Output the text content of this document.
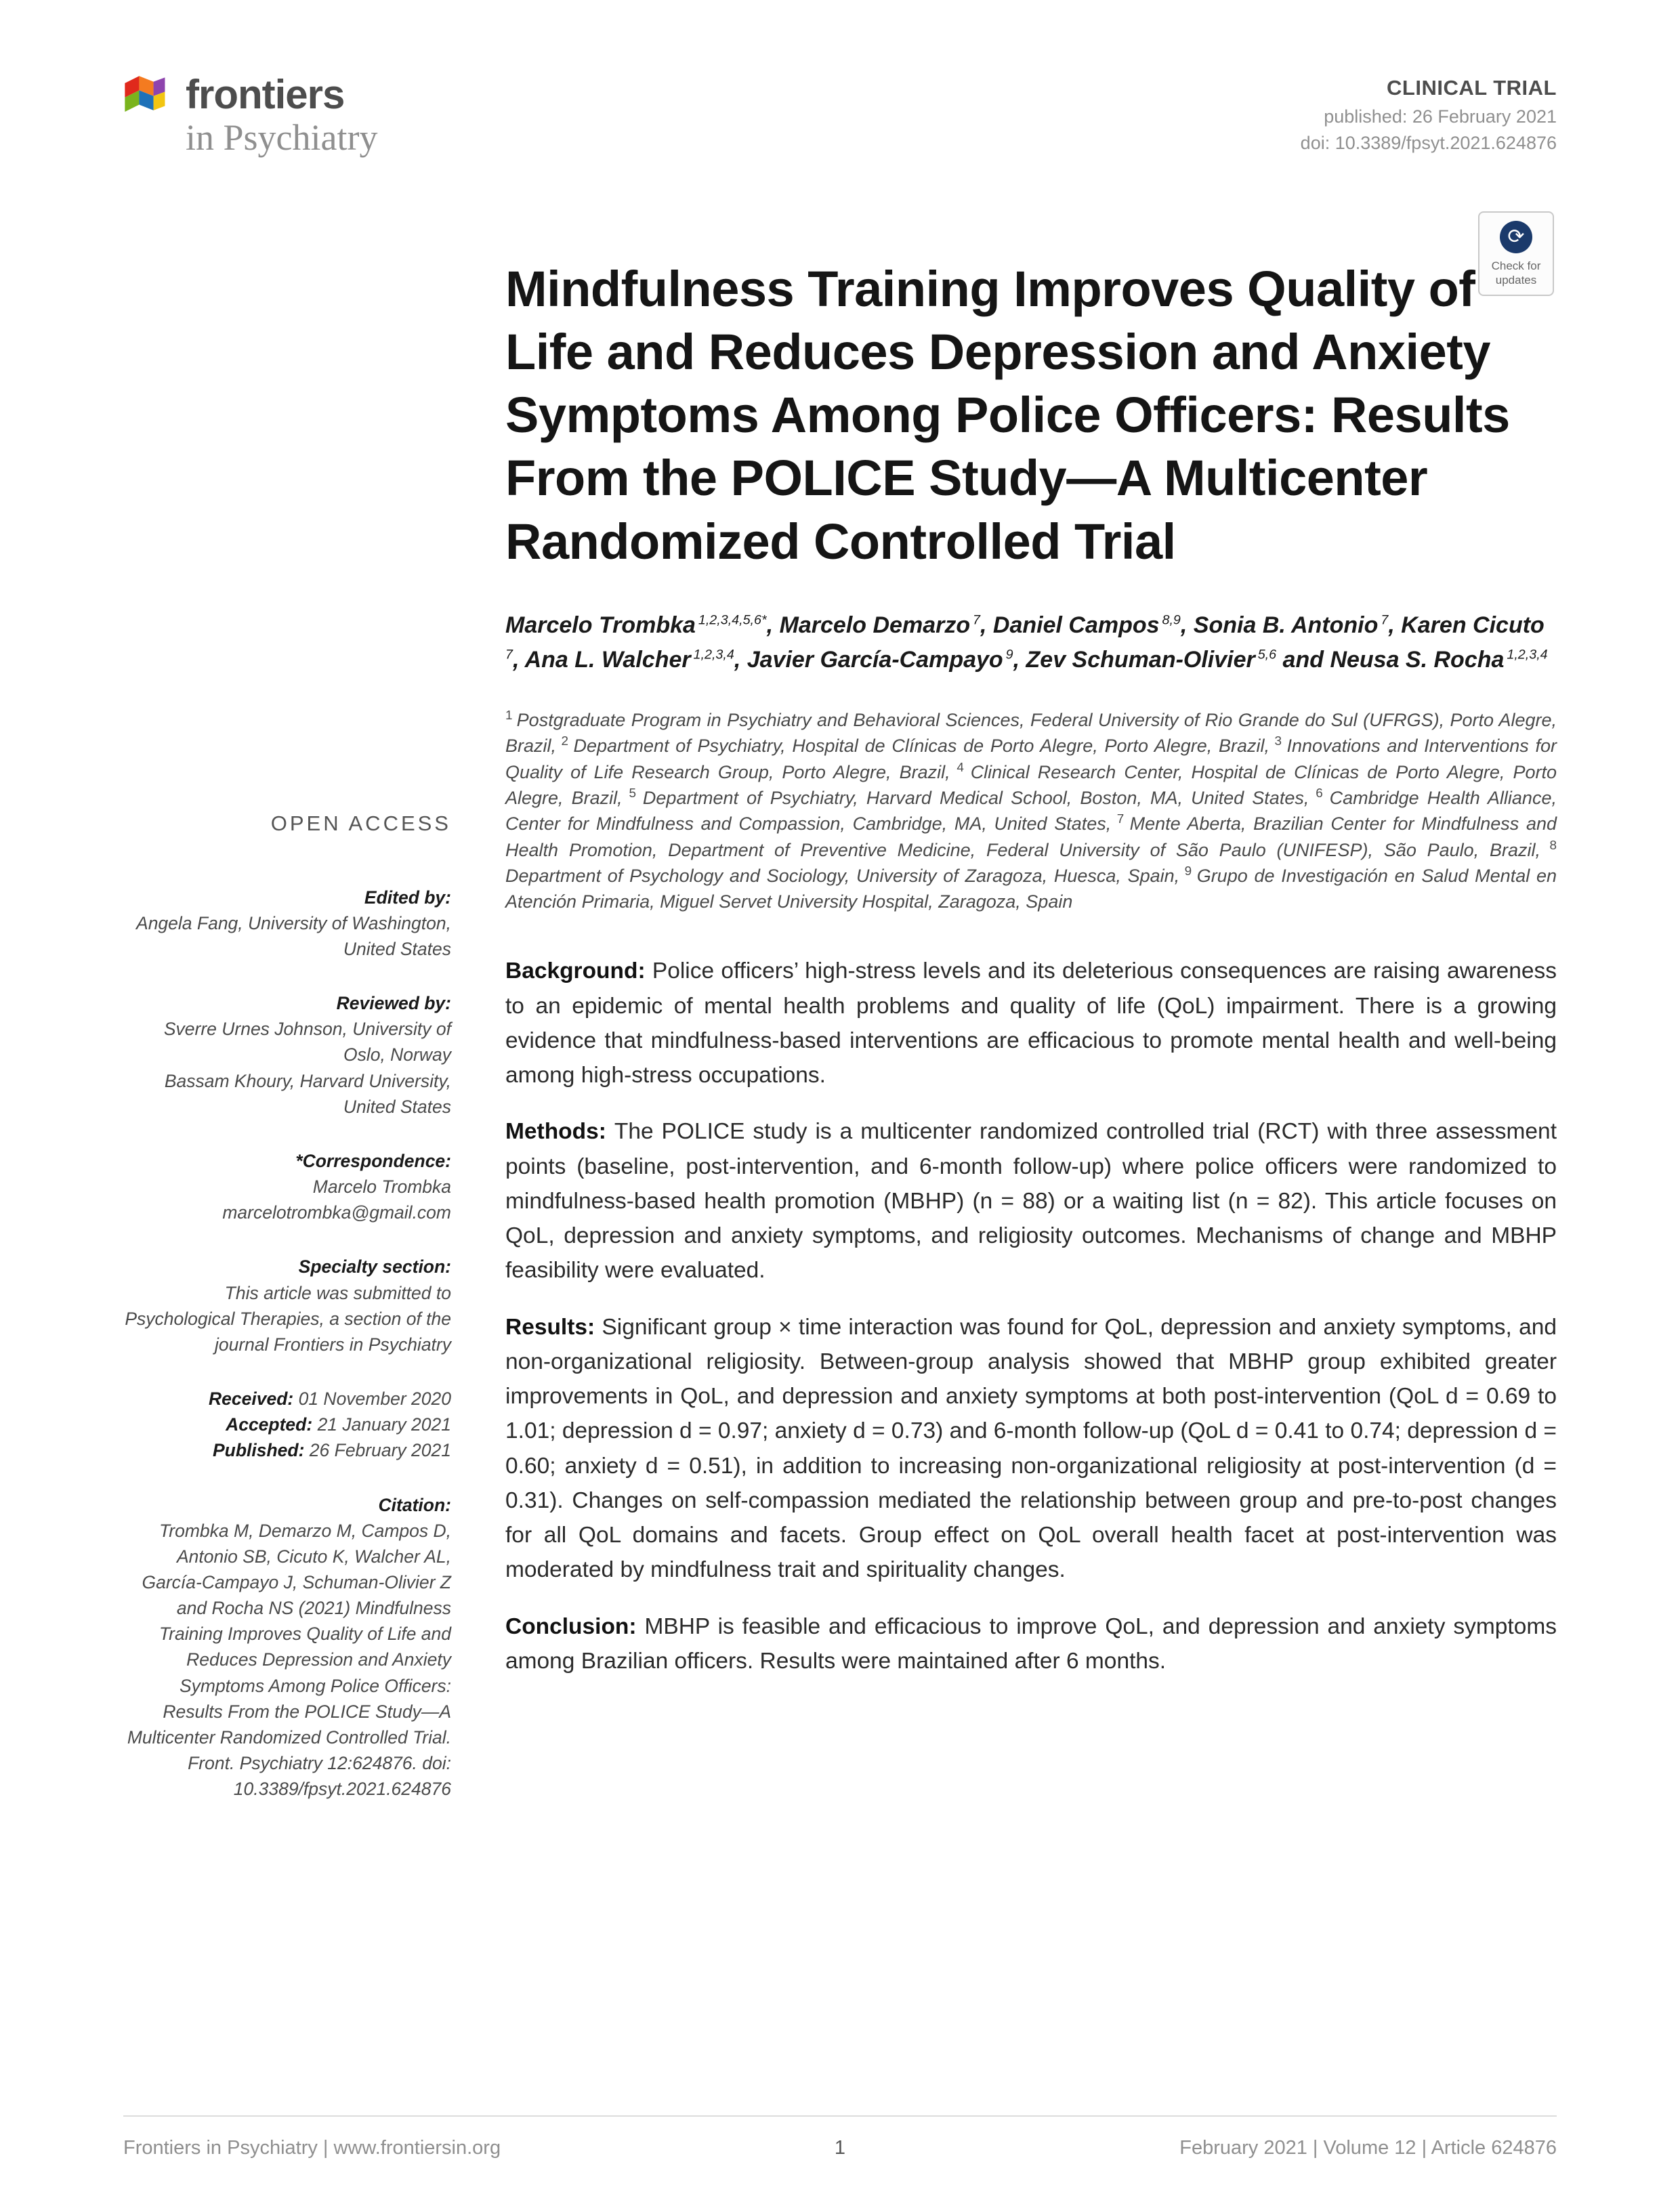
frontiers
in Psychiatry
CLINICAL TRIAL
published: 26 February 2021
doi: 10.3389/fpsyt.2021.624876
⟳
Check for updates
OPEN ACCESS
Edited by:
Angela Fang, University of Washington, United States
Reviewed by:
Sverre Urnes Johnson, University of Oslo, Norway
Bassam Khoury, Harvard University, United States
*Correspondence:
Marcelo Trombka
marcelotrombka@gmail.com
Specialty section:
This article was submitted to Psychological Therapies, a section of the journal Frontiers in Psychiatry
Received: 01 November 2020
Accepted: 21 January 2021
Published: 26 February 2021
Citation:
Trombka M, Demarzo M, Campos D, Antonio SB, Cicuto K, Walcher AL, García-Campayo J, Schuman-Olivier Z and Rocha NS (2021) Mindfulness Training Improves Quality of Life and Reduces Depression and Anxiety Symptoms Among Police Officers: Results From the POLICE Study—A Multicenter Randomized Controlled Trial. Front. Psychiatry 12:624876. doi: 10.3389/fpsyt.2021.624876
Mindfulness Training Improves Quality of Life and Reduces Depression and Anxiety Symptoms Among Police Officers: Results From the POLICE Study—A Multicenter Randomized Controlled Trial
Marcelo Trombka $^{1,2,3,4,5,6*}$, Marcelo Demarzo $^7$, Daniel Campos $^{8,9}$, Sonia B. Antonio $^7$, Karen Cicuto $^7$, Ana L. Walcher $^{1,2,3,4}$, Javier García-Campayo $^9$, Zev Schuman-Olivier $^{5,6}$ and Neusa S. Rocha $^{1,2,3,4}$
$^1$ Postgraduate Program in Psychiatry and Behavioral Sciences, Federal University of Rio Grande do Sul (UFRGS), Porto Alegre, Brazil, $^2$ Department of Psychiatry, Hospital de Clínicas de Porto Alegre, Porto Alegre, Brazil, $^3$ Innovations and Interventions for Quality of Life Research Group, Porto Alegre, Brazil, $^4$ Clinical Research Center, Hospital de Clínicas de Porto Alegre, Porto Alegre, Brazil, $^5$ Department of Psychiatry, Harvard Medical School, Boston, MA, United States, $^6$ Cambridge Health Alliance, Center for Mindfulness and Compassion, Cambridge, MA, United States, $^7$ Mente Aberta, Brazilian Center for Mindfulness and Health Promotion, Department of Preventive Medicine, Federal University of São Paulo (UNIFESP), São Paulo, Brazil, $^8$ Department of Psychology and Sociology, University of Zaragoza, Huesca, Spain, $^9$ Grupo de Investigación en Salud Mental en Atención Primaria, Miguel Servet University Hospital, Zaragoza, Spain

Background: Police officers’ high-stress levels and its deleterious consequences are raising awareness to an epidemic of mental health problems and quality of life (QoL) impairment. There is a growing evidence that mindfulness-based interventions are efficacious to promote mental health and well-being among high-stress occupations.

Methods: The POLICE study is a multicenter randomized controlled trial (RCT) with three assessment points (baseline, post-intervention, and 6-month follow-up) where police officers were randomized to mindfulness-based health promotion (MBHP) (n = 88) or a waiting list (n = 82). This article focuses on QoL, depression and anxiety symptoms, and religiosity outcomes. Mechanisms of change and MBHP feasibility were evaluated.

Results: Significant group × time interaction was found for QoL, depression and anxiety symptoms, and non-organizational religiosity. Between-group analysis showed that MBHP group exhibited greater improvements in QoL, and depression and anxiety symptoms at both post-intervention (QoL d = 0.69 to 1.01; depression d = 0.97; anxiety d = 0.73) and 6-month follow-up (QoL d = 0.41 to 0.74; depression d = 0.60; anxiety d = 0.51), in addition to increasing non-organizational religiosity at post-intervention (d = 0.31). Changes on self-compassion mediated the relationship between group and pre-to-post changes for all QoL domains and facets. Group effect on QoL overall health facet at post-intervention was moderated by mindfulness trait and spirituality changes.

Conclusion: MBHP is feasible and efficacious to improve QoL, and depression and anxiety symptoms among Brazilian officers. Results were maintained after 6 months.

Frontiers in Psychiatry | www.frontiersin.org	1	February 2021 | Volume 12 | Article 624876
